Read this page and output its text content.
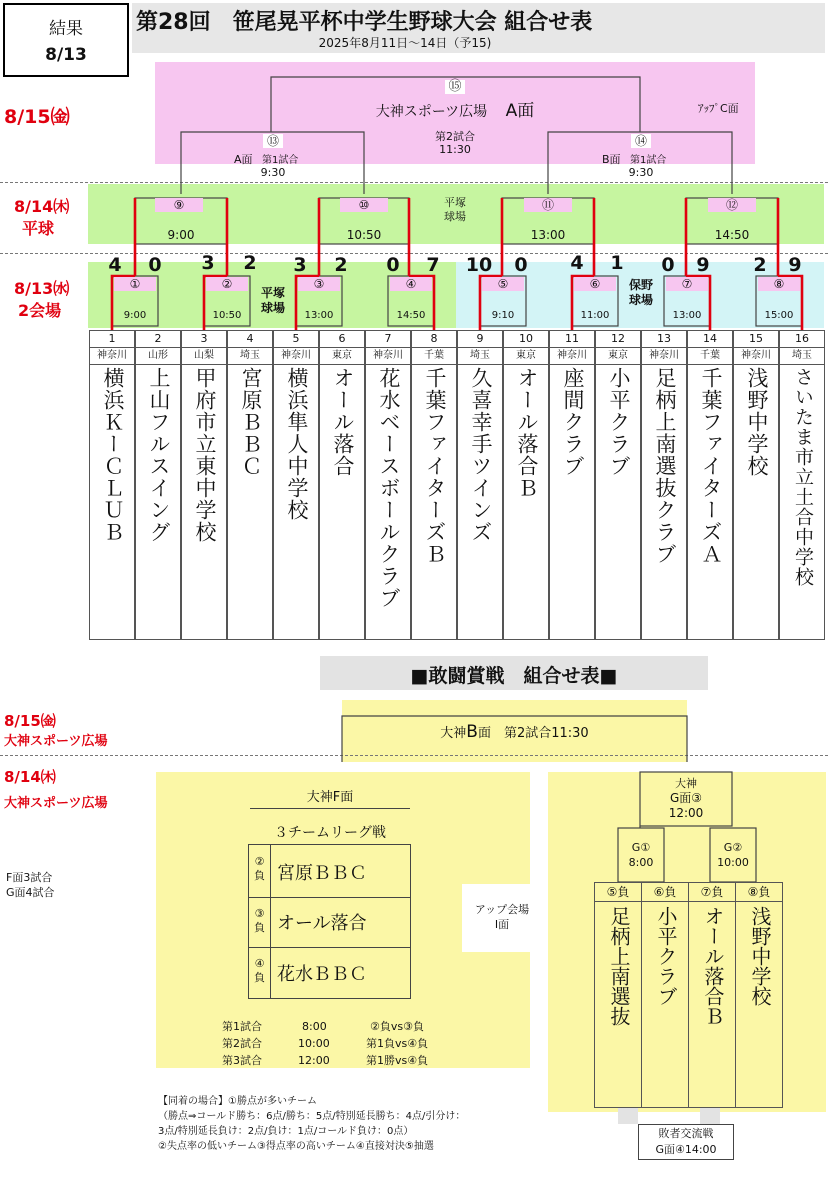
結果
8/13
第28回　笹尾晃平杯中学生野球大会 組合せ表
2025年8月11日～14日（予15)
8/15㈮
8/14㈭
平球
8/13㈬
2会場
⑮
大神スポーツ広場 A面
第2試合
11:30
ｱｯﾌﾟC面
⑬
A面 第1試合
9:30
⑭
B面 第1試合
9:30
平塚
球場
⑨
9:00
⑩
10:50
⑪
13:00
⑫
14:50
①
9:00
②
10:50
③
13:00
④
14:50
⑤
9:10
⑥
11:00
⑦
13:00
⑧
15:00
平塚
球場
保野
球場
4	0	3	2	3	2	0	7	10	0	4	1	0	9	2	9
1
神奈川
横浜ＫーＣＬＵＢ
2
山形
上山フルスイング
3
山梨
甲府市立東中学校
4
埼玉
宮原ＢＢＣ
5
神奈川
横浜隼人中学校
6
東京
オール落合
7
神奈川
花水ベースボールクラブ
8
千葉
千葉ファイターズＢ
9
埼玉
久喜幸手ツインズ
10
東京
オール落合Ｂ
11
神奈川
座間クラブ
12
東京
小平クラブ
13
神奈川
足柄上南選抜クラブ
14
千葉
千葉ファイターズＡ
15
神奈川
浅野中学校
16
埼玉
さいたま市立土合中学校
■敢闘賞戦　組合せ表■
8/15㈮
大神スポーツ広場
8/14㈭
大神スポーツ広場
大神B面　第2試合11:30
F面3試合
G面4試合
大神F面
３チームリーグ戦
②
負 宮原ＢＢＣ
③
負 オール落合
④
負 花水ＢＢＣ
第1試合	8:00	②負vs③負
第2試合	10:00	第1負vs④負
第3試合	12:00	第1勝vs④負
アップ会場
I面
大神
G面③
12:00
G①
8:00
G②
10:00
⑤負
足柄上南選抜
⑥負
小平クラブ
⑦負
オール落合Ｂ
⑧負
浅野中学校
敗者交流戦
G面④14:00
【同着の場合】①勝点が多いチーム
（勝点⇒コールド勝ち：6点/勝ち：5点/特別延長勝ち：4点/引分け：
3点/特別延長負け：2点/負け：1点/コールド負け：0点）
②失点率の低いチーム③得点率の高いチーム④直接対決⑤抽選
